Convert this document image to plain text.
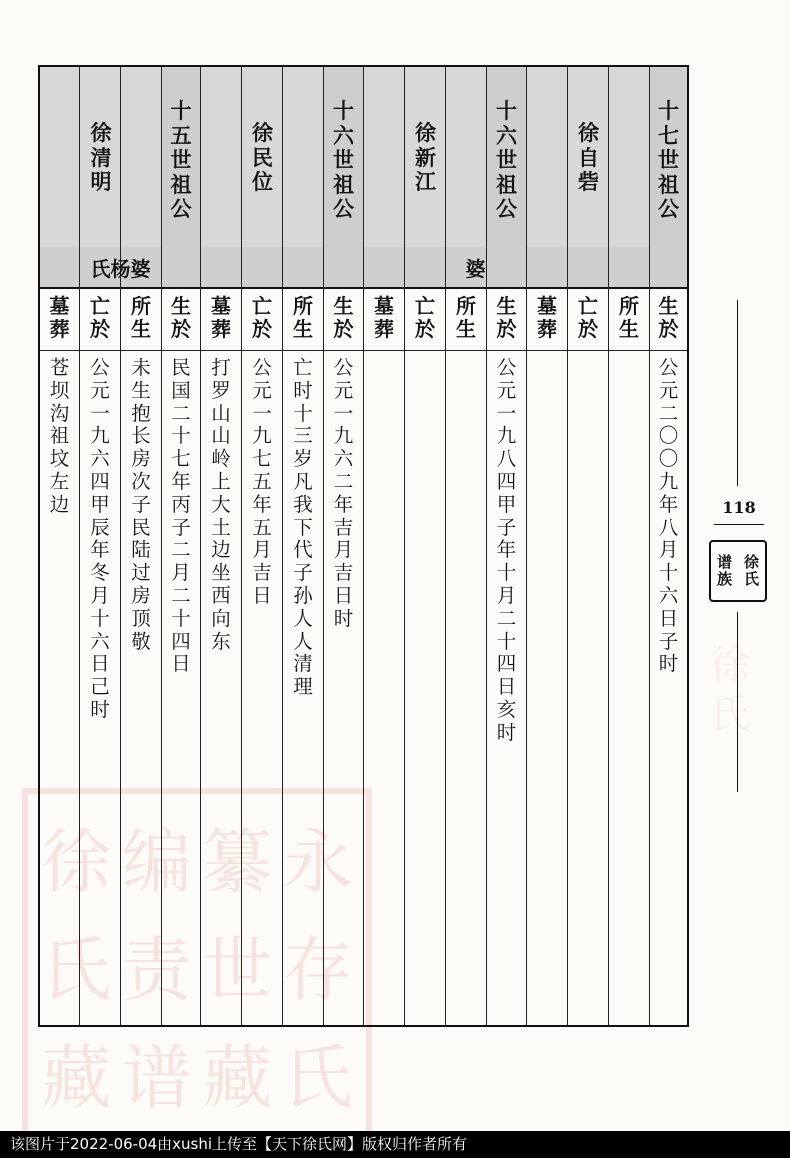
徐 编 纂 永
氏 责 世 存
藏 谱 藏 氏
徐
氏
墓葬
苍坝沟祖坟左边
亡於
公元一九六四甲辰年冬月十六日己时
所生
未生抱长房次子民陆过房顶敬
十五世祖公
生於
民国二十七年丙子二月二十四日
徐清明
氏杨婆
墓葬
打罗山山岭上大土边坐西向东
亡於
公元一九七五年五月吉日
所生
亡时十三岁凡我下代子孙人人清理
十六世祖公
生於
公元一九六二年吉月吉日时
徐民位
墓葬
亡於
所生
十六世祖公
生於
公元一九八四甲子年十月二十四日亥时
徐新江
婆
墓葬
亡於
所生
十七世祖公
生於
公元二〇〇九年八月十六日子时
徐自砦
118
谱族
徐氏
该图片于2022-06-04由xushi上传至【天下徐氏网】版权归作者所有
